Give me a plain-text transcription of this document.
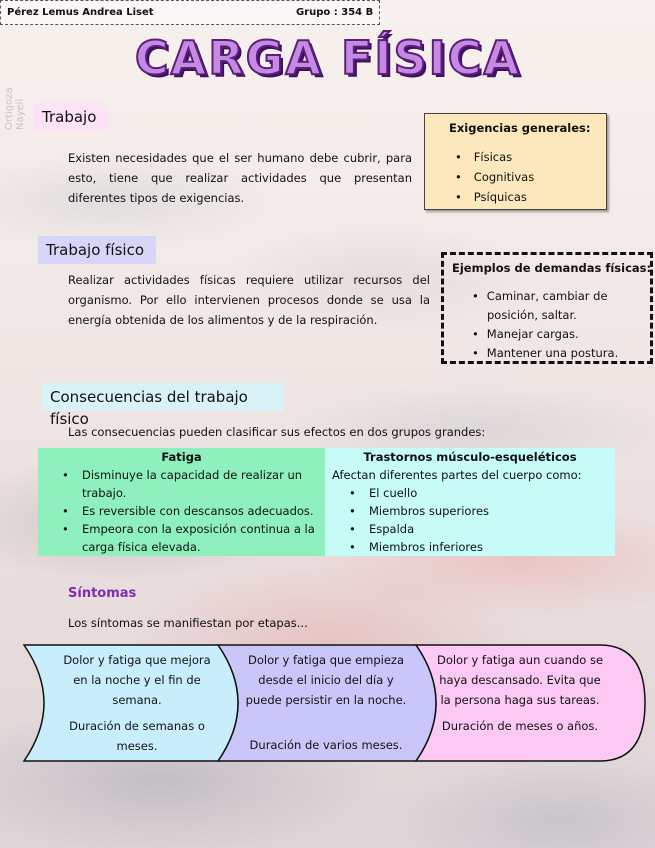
Pérez Lemus Andrea Liset	Grupo : 354 B
CARGA FÍSICA
Ortigoza Nayeli	Trabajo
Existen necesidades que el ser humano debe cubrir, para esto, tiene que realizar actividades que presentan diferentes tipos de exigencias.
Exigencias generales:
• Físicas
• Cognitivas
• Psíquicas
Trabajo físico
Realizar actividades físicas requiere utilizar recursos del organismo. Por ello intervienen procesos donde se usa la energía obtenida de los alimentos y de la respiración.
Ejemplos de demandas físicas:
• Caminar, cambiar de posición, saltar.
• Manejar cargas.
• Mantener una postura.
Consecuencias del trabajo físico
Las consecuencias pueden clasificar sus efectos en dos grupos grandes:
Fatiga
• Disminuye la capacidad de realizar un trabajo.
• Es reversible con descansos adecuados.
• Empeora con la exposición continua a la carga física elevada.
Trastornos músculo-esqueléticos
Afectan diferentes partes del cuerpo como:
• El cuello
• Miembros superiores
• Espalda
• Miembros inferiores
Síntomas
Los síntomas se manifiestan por etapas...
Dolor y fatiga que mejora en la noche y el fin de semana.
Duración de semanas o meses.
Dolor y fatiga que empieza desde el inicio del día y puede persistir en la noche.
Duración de varios meses.
Dolor y fatiga aun cuando se haya descansado. Evita que la persona haga sus tareas.
Duración de meses o años.
